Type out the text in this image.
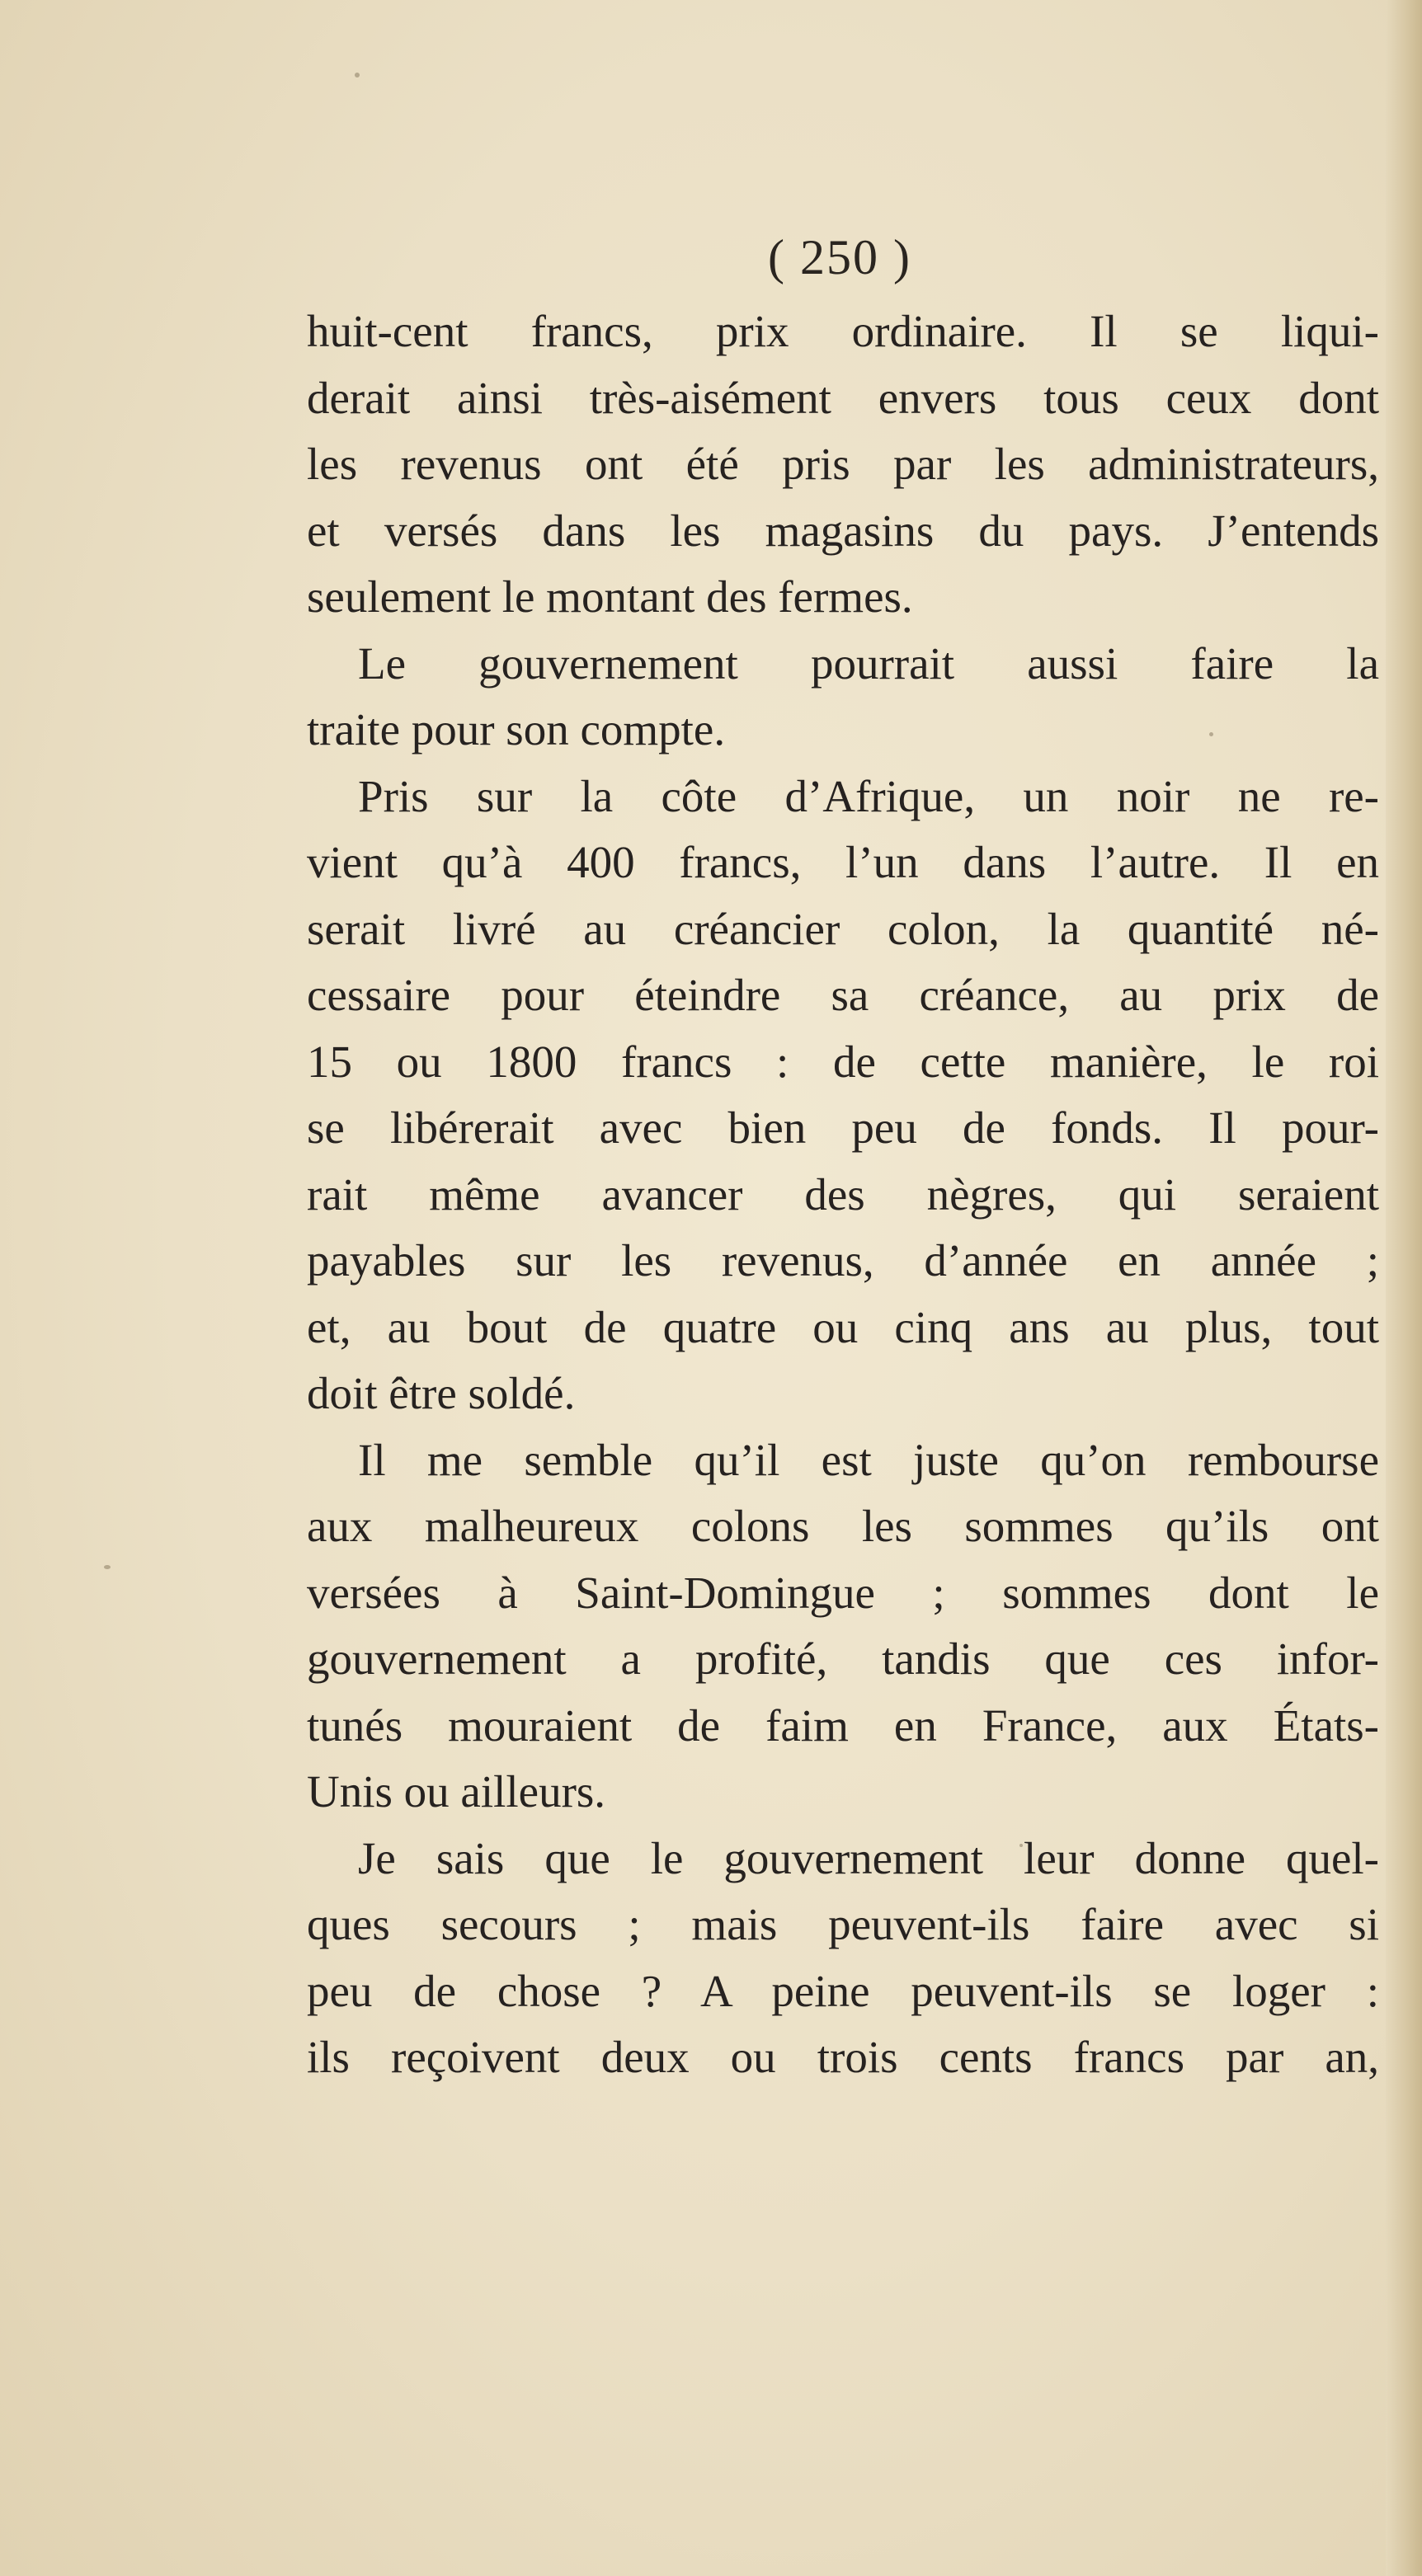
( 250 )
huit-cent francs, prix ordinaire. Il se liqui-
derait ainsi très-aisément envers tous ceux dont
les revenus ont été pris par les administrateurs,
et versés dans les magasins du pays. J’entends
seulement le montant des fermes.
Le gouvernement pourrait aussi faire la
traite pour son compte.
Pris sur la côte d’Afrique, un noir ne re-
vient qu’à 400 francs, l’un dans l’autre. Il en
serait livré au créancier colon, la quantité né-
cessaire pour éteindre sa créance, au prix de
15 ou 1800 francs : de cette manière, le roi
se libérerait avec bien peu de fonds. Il pour-
rait même avancer des nègres, qui seraient
payables sur les revenus, d’année en année ;
et, au bout de quatre ou cinq ans au plus, tout
doit être soldé.
Il me semble qu’il est juste qu’on rembourse
aux malheureux colons les sommes qu’ils ont
versées à Saint-Domingue ; sommes dont le
gouvernement a profité, tandis que ces infor-
tunés mouraient de faim en France, aux États-
Unis ou ailleurs.
Je sais que le gouvernement leur donne quel-
ques secours ; mais peuvent-ils faire avec si
peu de chose ? A peine peuvent-ils se loger :
ils reçoivent deux ou trois cents francs par an,
